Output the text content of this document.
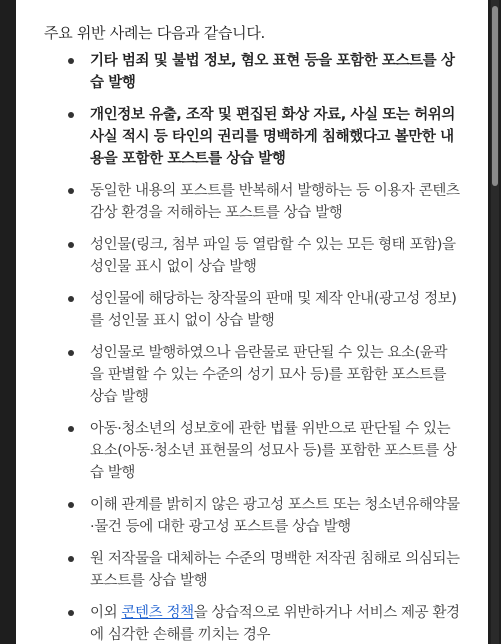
주요 위반 사례는 다음과 같습니다.
기타 범죄 및 불법 정보, 혐오 표현 등을 포함한 포스트를 상습 발행
개인정보 유출, 조작 및 편집된 화상 자료, 사실 또는 허위의 사실 적시 등 타인의 권리를 명백하게 침해했다고 볼만한 내용을 포함한 포스트를 상습 발행
동일한 내용의 포스트를 반복해서 발행하는 등 이용자 콘텐츠 감상 환경을 저해하는 포스트를 상습 발행
성인물(링크, 첨부 파일 등 열람할 수 있는 모든 형태 포함)을 성인물 표시 없이 상습 발행
성인물에 해당하는 창작물의 판매 및 제작 안내(광고성 정보)를 성인물 표시 없이 상습 발행
성인물로 발행하였으나 음란물로 판단될 수 있는 요소(윤곽을 판별할 수 있는 수준의 성기 묘사 등)를 포함한 포스트를 상습 발행
아동·청소년의 성보호에 관한 법률 위반으로 판단될 수 있는 요소(아동·청소년 표현물의 성묘사 등)를 포함한 포스트를 상습 발행
이해 관계를 밝히지 않은 광고성 포스트 또는 청소년유해약물·물건 등에 대한 광고성 포스트를 상습 발행
원 저작물을 대체하는 수준의 명백한 저작권 침해로 의심되는 포스트를 상습 발행
이외 콘텐츠 정책을 상습적으로 위반하거나 서비스 제공 환경에 심각한 손해를 끼치는 경우
